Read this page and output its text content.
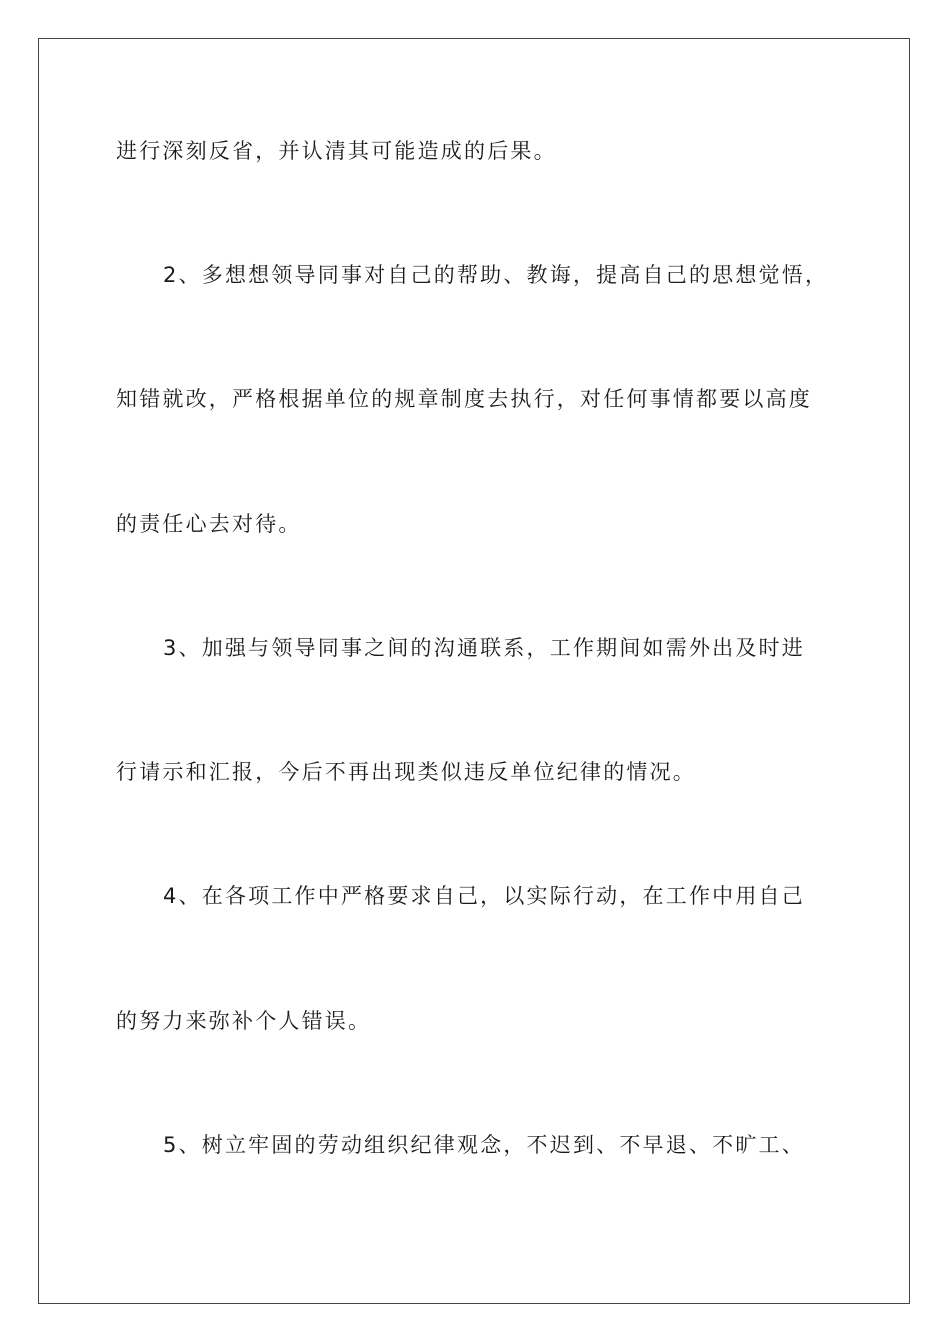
进行深刻反省，并认清其可能造成的后果。
2、多想想领导同事对自己的帮助、教诲，提高自己的思想觉悟，
知错就改，严格根据单位的规章制度去执行，对任何事情都要以高度
的责任心去对待。
3、加强与领导同事之间的沟通联系，工作期间如需外出及时进
行请示和汇报，今后不再出现类似违反单位纪律的情况。
4、在各项工作中严格要求自己，以实际行动，在工作中用自己
的努力来弥补个人错误。
5、树立牢固的劳动组织纪律观念，不迟到、不早退、不旷工、
